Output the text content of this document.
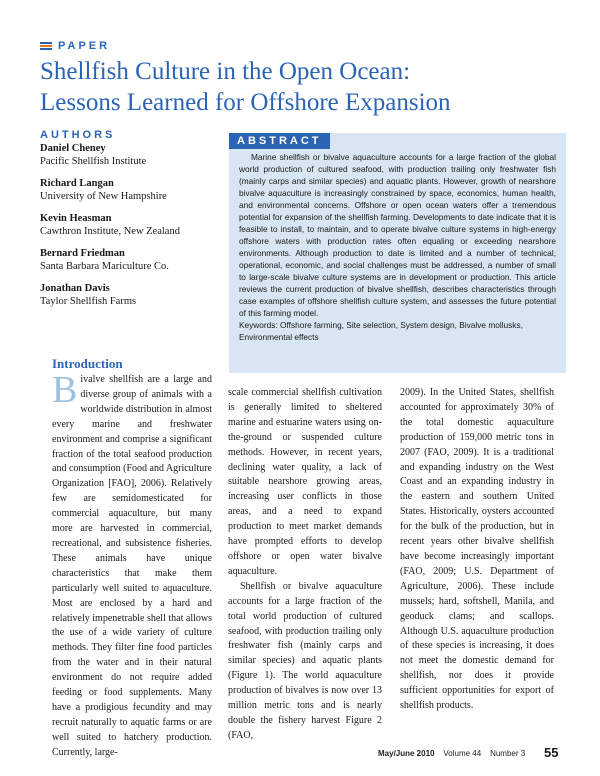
PAPER
Shellfish Culture in the Open Ocean:
Lessons Learned for Offshore Expansion
AUTHORS
Daniel Cheney
Pacific Shellfish Institute
Richard Langan
University of New Hampshire
Kevin Heasman
Cawthron Institute, New Zealand
Bernard Friedman
Santa Barbara Mariculture Co.
Jonathan Davis
Taylor Shellfish Farms
ABSTRACT

Marine shellfish or bivalve aquaculture accounts for a large fraction of the global world production of cultured seafood, with production trailing only freshwater fish (mainly carps and similar species) and aquatic plants. However, growth of nearshore bivalve aquaculture is increasingly constrained by space, economics, human health, and environmental concerns. Offshore or open ocean waters offer a tremendous potential for expansion of the shellfish farming. Developments to date indicate that it is feasible to install, to maintain, and to operate bivalve culture systems in high-energy offshore waters with production rates often equaling or exceeding nearshore environments. Although production to date is limited and a number of technical, operational, economic, and social challenges must be addressed, a number of small to large-scale bivalve culture systems are in development or production. This article reviews the current production of bivalve shellfish, describes characteristics through case examples of offshore shellfish culture system, and assesses the future potential of this farming model.

Keywords: Offshore farming, Site selection, System design, Bivalve mollusks, Environmental effects

Introduction

Bivalve shellfish are a large and diverse group of animals with a worldwide distribution in almost every marine and freshwater environment and comprise a significant fraction of the total seafood production and consumption (Food and Agriculture Organization [FAO], 2006). Relatively few are semidomesticated for commercial aquaculture, but many more are harvested in commercial, recreational, and subsistence fisheries. These animals have unique characteristics that make them particularly well suited to aquaculture. Most are enclosed by a hard and relatively impenetrable shell that allows the use of a wide variety of culture methods. They filter fine food particles from the water and in their natural environment do not require added feeding or food supplements. Many have a prodigious fecundity and may recruit naturally to aquatic farms or are well suited to hatchery production. Currently, large-

scale commercial shellfish cultivation is generally limited to sheltered marine and estuarine waters using on-the-ground or suspended culture methods. However, in recent years, declining water quality, a lack of suitable nearshore growing areas, increasing user conflicts in those areas, and a need to expand production to meet market demands have prompted efforts to develop offshore or open water bivalve aquaculture.

Shellfish or bivalve aquaculture accounts for a large fraction of the total world production of cultured seafood, with production trailing only freshwater fish (mainly carps and similar species) and aquatic plants (Figure 1). The world aquaculture production of bivalves is now over 13 million metric tons and is nearly double the fishery harvest Figure 2 (FAO,

2009). In the United States, shellfish accounted for approximately 30% of the total domestic aquaculture production of 159,000 metric tons in 2007 (FAO, 2009). It is a traditional and expanding industry on the West Coast and an expanding industry in the eastern and southern United States. Historically, oysters accounted for the bulk of the production, but in recent years other bivalve shellfish have become increasingly important (FAO, 2009; U.S. Department of Agriculture, 2006). These include mussels; hard, softshell, Manila, and geoduck clams; and scallops. Although U.S. aquaculture production of these species is increasing, it does not meet the domestic demand for shellfish, nor does it provide sufficient opportunities for export of shellfish products.

May/June 2010 Volume 44 Number 3 55
